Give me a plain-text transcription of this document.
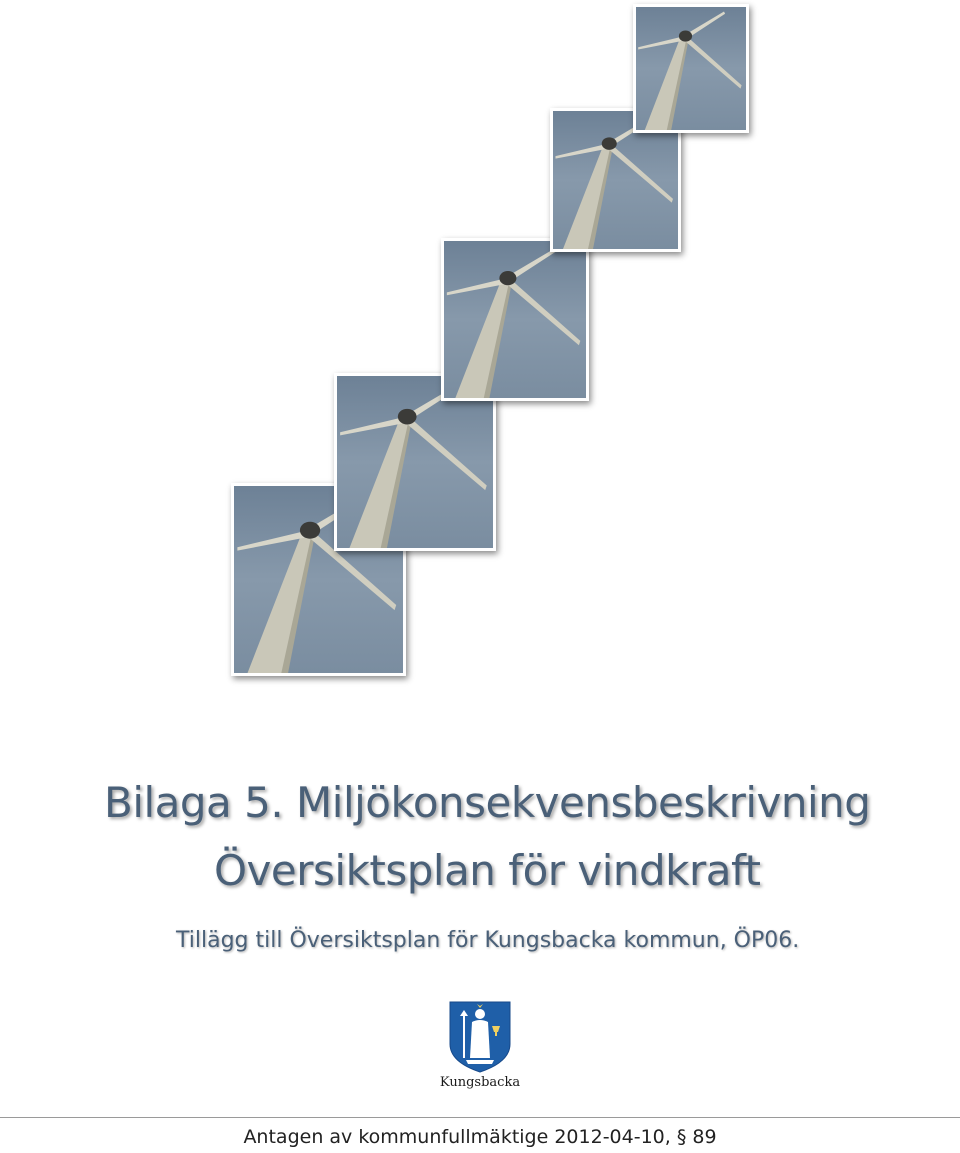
Bilaga 5. Miljökonsekvensbeskrivning
Översiktsplan för vindkraft

Tillägg till Översiktsplan för Kungsbacka kommun, ÖP06.

Kungsbacka
Antagen av kommunfullmäktige 2012-04-10, § 89
